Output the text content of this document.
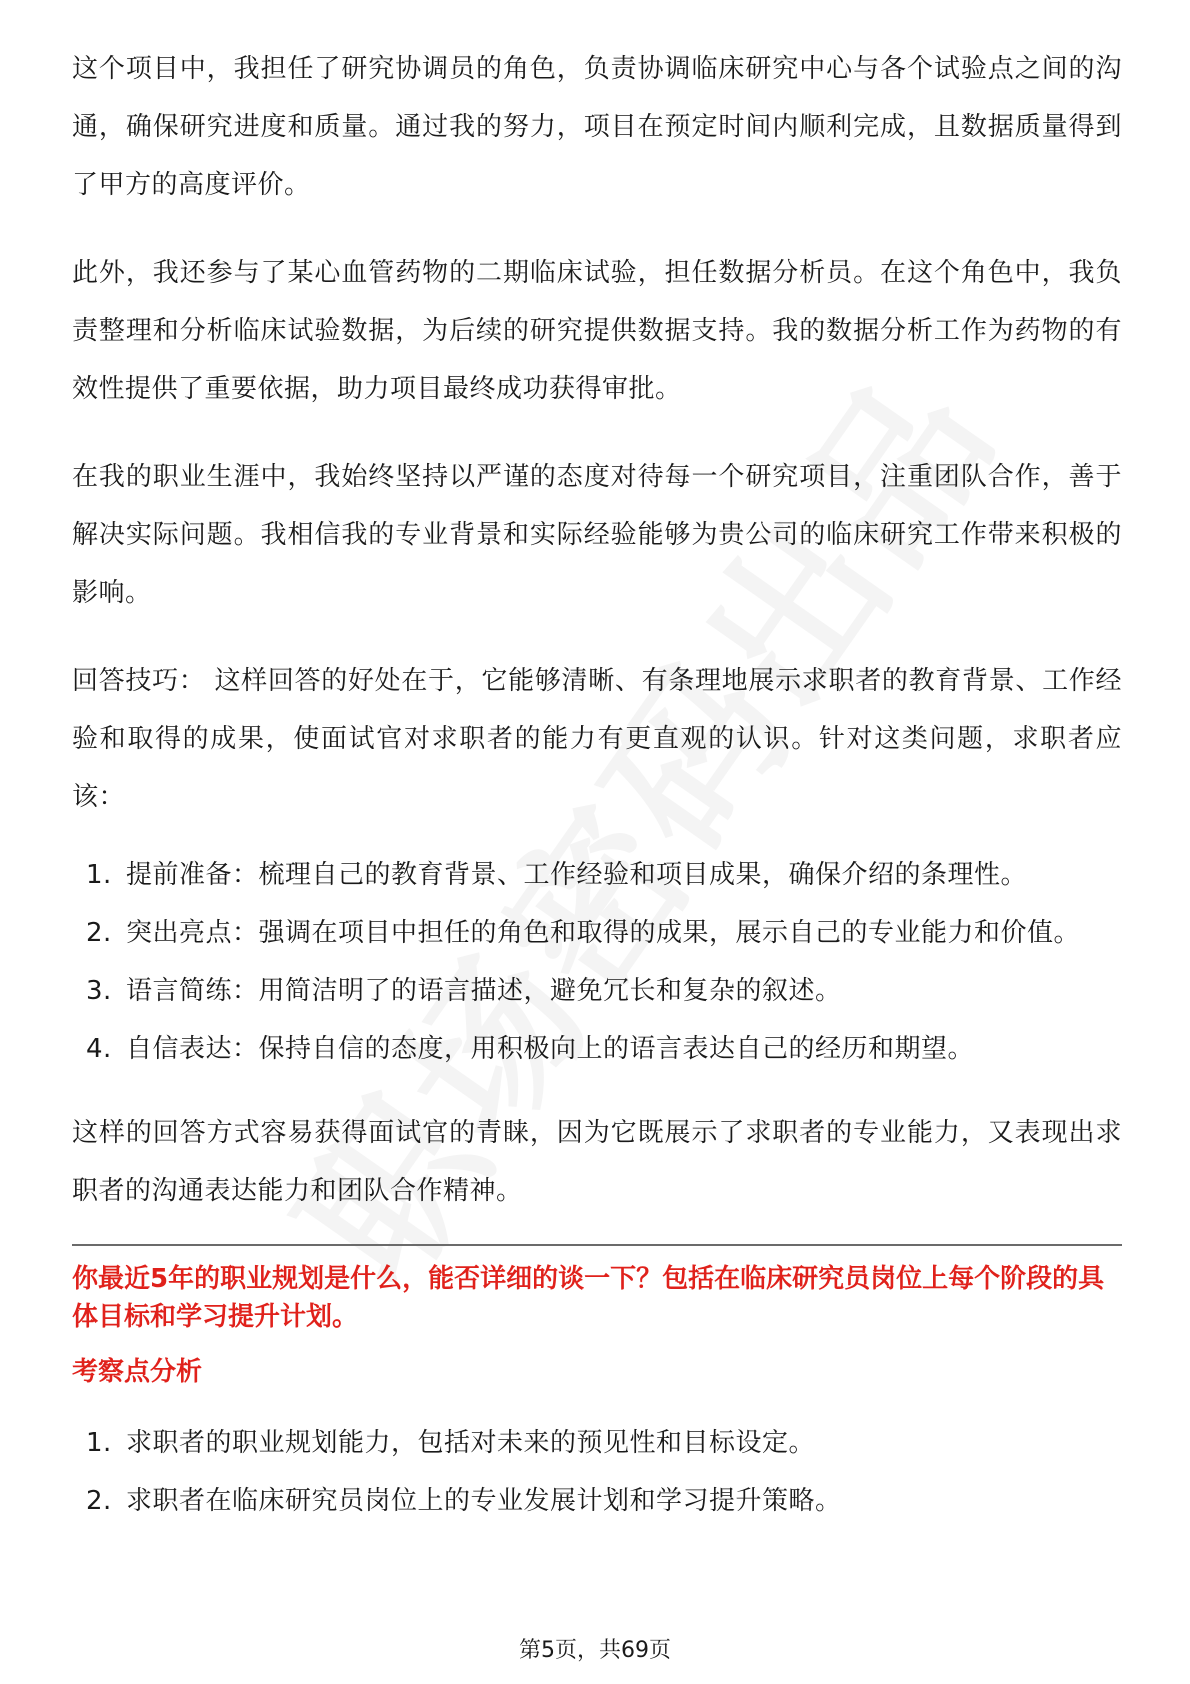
这个项目中，我担任了研究协调员的角色，负责协调临床研究中心与各个试验点之间的沟通，确保研究进度和质量。通过我的努力，项目在预定时间内顺利完成，且数据质量得到了甲方的高度评价。

此外，我还参与了某心血管药物的二期临床试验，担任数据分析员。在这个角色中，我负责整理和分析临床试验数据，为后续的研究提供数据支持。我的数据分析工作为药物的有效性提供了重要依据，助力项目最终成功获得审批。

在我的职业生涯中，我始终坚持以严谨的态度对待每一个研究项目，注重团队合作，善于解决实际问题。我相信我的专业背景和实际经验能够为贵公司的临床研究工作带来积极的影响。

回答技巧： 这样回答的好处在于，它能够清晰、有条理地展示求职者的教育背景、工作经验和取得的成果，使面试官对求职者的能力有更直观的认识。针对这类问题，求职者应该：

1. 提前准备：梳理自己的教育背景、工作经验和项目成果，确保介绍的条理性。
2. 突出亮点：强调在项目中担任的角色和取得的成果，展示自己的专业能力和价值。
3. 语言简练：用简洁明了的语言描述，避免冗长和复杂的叙述。
4. 自信表达：保持自信的态度，用积极向上的语言表达自己的经历和期望。

这样的回答方式容易获得面试官的青睐，因为它既展示了求职者的专业能力，又表现出求职者的沟通表达能力和团队合作精神。

你最近5年的职业规划是什么，能否详细的谈一下？包括在临床研究员岗位上每个阶段的具体目标和学习提升计划。
考察点分析
1. 求职者的职业规划能力，包括对未来的预见性和目标设定。
2. 求职者在临床研究员岗位上的专业发展计划和学习提升策略。
第5页，共69页
